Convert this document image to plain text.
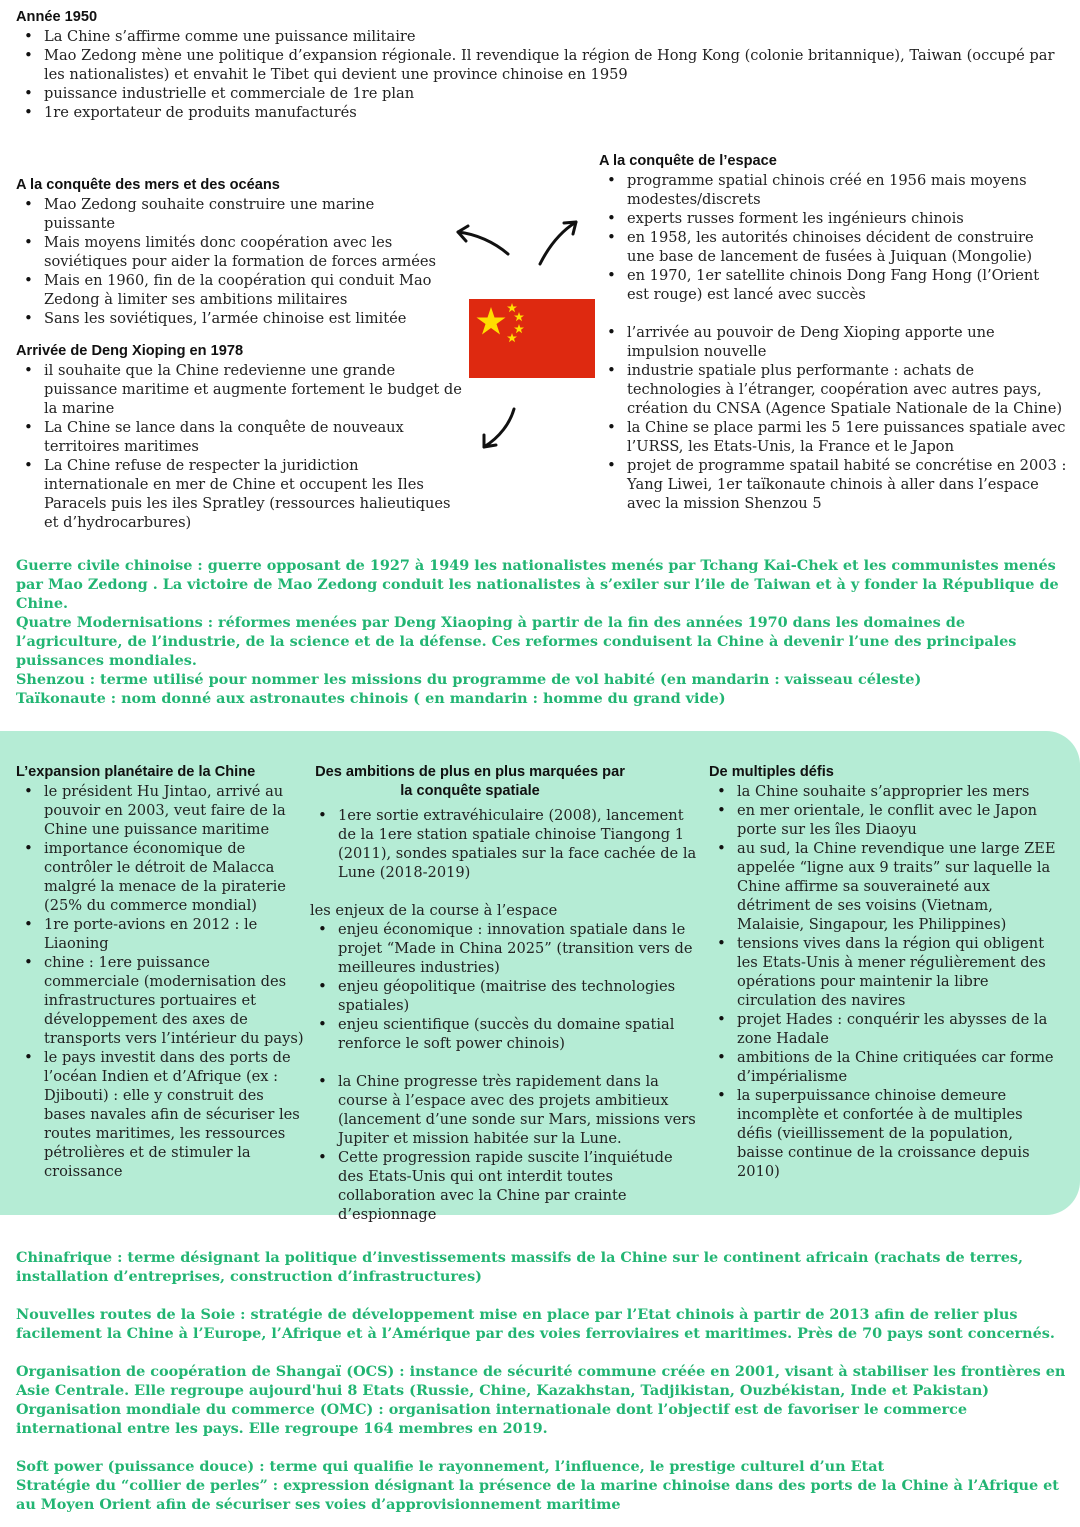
Année 1950
• La Chine s’affirme comme une puissance militaire
• Mao Zedong mène une politique d’expansion régionale. Il revendique la région de Hong Kong (colonie britannique), Taiwan (occupé par les nationalistes) et envahit le Tibet qui devient une province chinoise en 1959
• puissance industrielle et commerciale de 1re plan
• 1re exportateur de produits manufacturés
A la conquête des mers et des océans
• Mao Zedong souhaite construire une marine puissante
• Mais moyens limités donc coopération avec les soviétiques pour aider la formation de forces armées
• Mais en 1960, fin de la coopération qui conduit Mao Zedong à limiter ses ambitions militaires
• Sans les soviétiques, l’armée chinoise est limitée
Arrivée de Deng Xioping en 1978
• il souhaite que la Chine redevienne une grande puissance maritime et augmente fortement le budget de la marine
• La Chine se lance dans la conquête de nouveaux territoires maritimes
• La Chine refuse de respecter la juridiction internationale en mer de Chine et occupent les Iles Paracels puis les iles Spratley (ressources halieutiques et d’hydrocarbures)
A la conquête de l’espace
• programme spatial chinois créé en 1956 mais moyens modestes/discrets
• experts russes forment les ingénieurs chinois
• en 1958, les autorités chinoises décident de construire une base de lancement de fusées à Juiquan (Mongolie)
• en 1970, 1er satellite chinois Dong Fang Hong (l’Orient est rouge) est lancé avec succès
• l’arrivée au pouvoir de Deng Xioping apporte une impulsion nouvelle
• industrie spatiale plus performante : achats de technologies à l’étranger, coopération avec autres pays, création du CNSA (Agence Spatiale Nationale de la Chine)
• la Chine se place parmi les 5 1ere puissances spatiale avec l’URSS, les Etats-Unis, la France et le Japon
• projet de programme spatail habité se concrétise en 2003 : Yang Liwei, 1er taïkonaute chinois à aller dans l’espace avec la mission Shenzou 5
Guerre civile chinoise : guerre opposant de 1927 à 1949 les nationalistes menés par Tchang Kai-Chek et les communistes menés par Mao Zedong . La victoire de Mao Zedong conduit les nationalistes à s’exiler sur l’ile de Taiwan et à y fonder la République de Chine.
Quatre Modernisations : réformes menées par Deng Xiaoping à partir de la fin des années 1970 dans les domaines de l’agriculture, de l’industrie, de la science et de la défense. Ces reformes conduisent la Chine à devenir l’une des principales puissances mondiales.
Shenzou : terme utilisé pour nommer les missions du programme de vol habité (en mandarin : vaisseau céleste)
Taïkonaute : nom donné aux astronautes chinois ( en mandarin : homme du grand vide)
L’expansion planétaire de la Chine
• le président Hu Jintao, arrivé au pouvoir en 2003, veut faire de la Chine une puissance maritime
• importance économique de contrôler le détroit de Malacca malgré la menace de la piraterie (25% du commerce mondial)
• 1re porte-avions en 2012 : le Liaoning
• chine : 1ere puissance commerciale (modernisation des infrastructures portuaires et développement des axes de transports vers l’intérieur du pays)
• le pays investit dans des ports de l’océan Indien et d’Afrique (ex : Djibouti) : elle y construit des bases navales afin de sécuriser les routes maritimes, les ressources pétrolières et de stimuler la croissance
Des ambitions de plus en plus marquées par la conquête spatiale
• 1ere sortie extravéhiculaire (2008), lancement de la 1ere station spatiale chinoise Tiangong 1 (2011), sondes spatiales sur la face cachée de la Lune (2018-2019)
les enjeux de la course à l’espace
• enjeu économique : innovation spatiale dans le projet “Made in China 2025” (transition vers de meilleures industries)
• enjeu géopolitique (maitrise des technologies spatiales)
• enjeu scientifique (succès du domaine spatial renforce le soft power chinois)
• la Chine progresse très rapidement dans la course à l’espace avec des projets ambitieux (lancement d’une sonde sur Mars, missions vers Jupiter et mission habitée sur la Lune.
• Cette progression rapide suscite l’inquiétude des Etats-Unis qui ont interdit toutes collaboration avec la Chine par crainte d’espionnage
De multiples défis
• la Chine souhaite s’approprier les mers
• en mer orientale, le conflit avec le Japon porte sur les îles Diaoyu
• au sud, la Chine revendique une large ZEE appelée “ligne aux 9 traits” sur laquelle la Chine affirme sa souveraineté aux détriment de ses voisins (Vietnam, Malaisie, Singapour, les Philippines)
• tensions vives dans la région qui obligent les Etats-Unis à mener régulièrement des opérations pour maintenir la libre circulation des navires
• projet Hades : conquérir les abysses de la zone Hadale
• ambitions de la Chine critiquées car forme d’impérialisme
• la superpuissance chinoise demeure incomplète et confortée à de multiples défis (vieillissement de la population, baisse continue de la croissance depuis 2010)
Chinafrique : terme désignant la politique d’investissements massifs de la Chine sur le continent africain (rachats de terres, installation d’entreprises, construction d’infrastructures)
Nouvelles routes de la Soie : stratégie de développement mise en place par l’Etat chinois à partir de 2013 afin de relier plus facilement la Chine à l’Europe, l’Afrique et à l’Amérique par des voies ferroviaires et maritimes. Près de 70 pays sont concernés.
Organisation de coopération de Shangaï (OCS) : instance de sécurité commune créée en 2001, visant à stabiliser les frontières en Asie Centrale. Elle regroupe aujourd'hui 8 Etats (Russie, Chine, Kazakhstan, Tadjikistan, Ouzbékistan, Inde et Pakistan)
Organisation mondiale du commerce (OMC) : organisation internationale dont l’objectif est de favoriser le commerce international entre les pays. Elle regroupe 164 membres en 2019.
Soft power (puissance douce) : terme qui qualifie le rayonnement, l’influence, le prestige culturel d’un Etat
Stratégie du “collier de perles” : expression désignant la présence de la marine chinoise dans des ports de la Chine à l’Afrique et au Moyen Orient afin de sécuriser ses voies d’approvisionnement maritime
